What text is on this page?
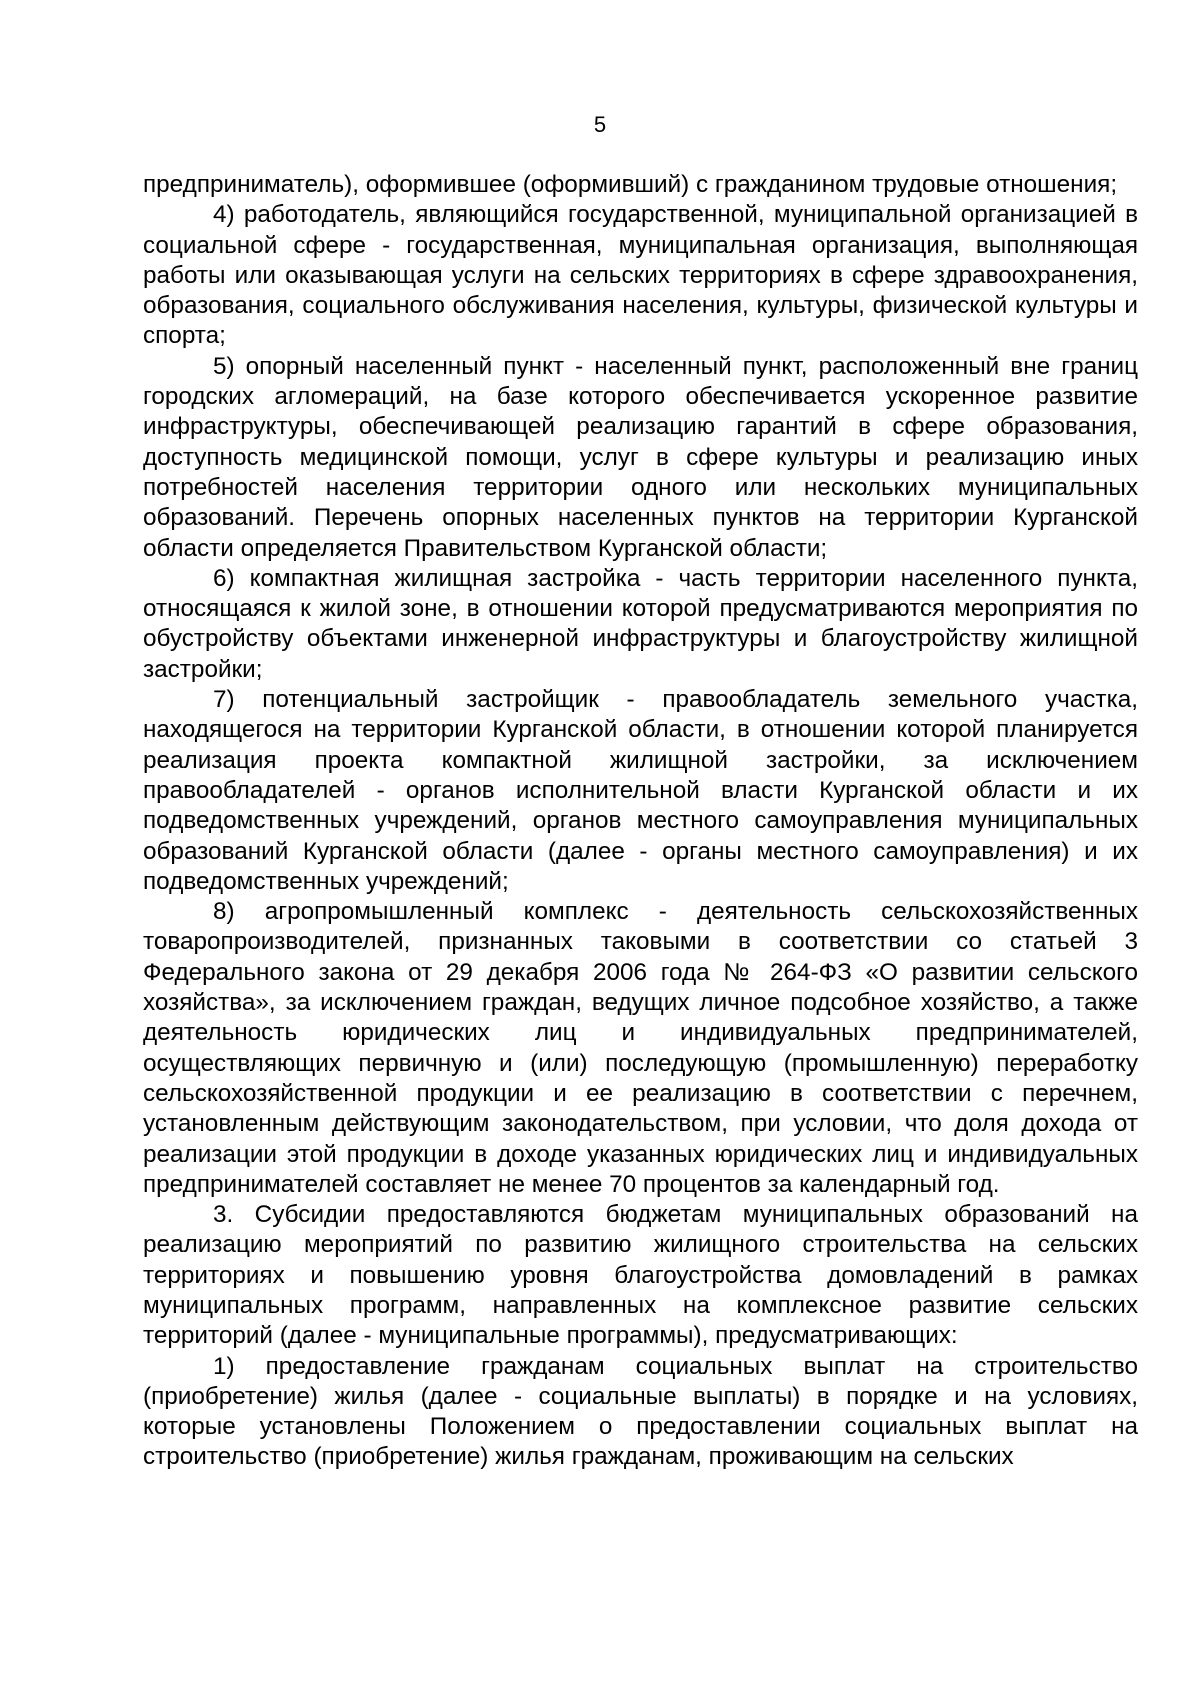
5

предприниматель), оформившее (оформивший) с гражданином трудовые отношения;

4) работодатель, являющийся государственной, муниципальной организацией в социальной сфере - государственная, муниципальная организация, выполняющая работы или оказывающая услуги на сельских территориях в сфере здравоохранения, образования, социального обслуживания населения, культуры, физической культуры и спорта;

5) опорный населенный пункт - населенный пункт, расположенный вне границ городских агломераций, на базе которого обеспечивается ускоренное развитие инфраструктуры, обеспечивающей реализацию гарантий в сфере образования, доступность медицинской помощи, услуг в сфере культуры и реализацию иных потребностей населения территории одного или нескольких муниципальных образований. Перечень опорных населенных пунктов на территории Курганской области определяется Правительством Курганской области;

6) компактная жилищная застройка - часть территории населенного пункта, относящаяся к жилой зоне, в отношении которой предусматриваются мероприятия по обустройству объектами инженерной инфраструктуры и благоустройству жилищной застройки;

7) потенциальный застройщик - правообладатель земельного участка, находящегося на территории Курганской области, в отношении которой планируется реализация проекта компактной жилищной застройки, за исключением правообладателей - органов исполнительной власти Курганской области и их подведомственных учреждений, органов местного самоуправления муниципальных образований Курганской области (далее - органы местного самоуправления) и их подведомственных учреждений;

8) агропромышленный комплекс - деятельность сельскохозяйственных товаропроизводителей, признанных таковыми в соответствии со статьей 3 Федерального закона от 29 декабря 2006 года № 264-ФЗ «О развитии сельского хозяйства», за исключением граждан, ведущих личное подсобное хозяйство, а также деятельность юридических лиц и индивидуальных предпринимателей, осуществляющих первичную и (или) последующую (промышленную) переработку сельскохозяйственной продукции и ее реализацию в соответствии с перечнем, установленным действующим законодательством, при условии, что доля дохода от реализации этой продукции в доходе указанных юридических лиц и индивидуальных предпринимателей составляет не менее 70 процентов за календарный год.

3. Субсидии предоставляются бюджетам муниципальных образований на реализацию мероприятий по развитию жилищного строительства на сельских территориях и повышению уровня благоустройства домовладений в рамках муниципальных программ, направленных на комплексное развитие сельских территорий (далее - муниципальные программы), предусматривающих:

1) предоставление гражданам социальных выплат на строительство (приобретение) жилья (далее - социальные выплаты) в порядке и на условиях, которые установлены Положением о предоставлении социальных выплат на строительство (приобретение) жилья гражданам, проживающим на сельских
